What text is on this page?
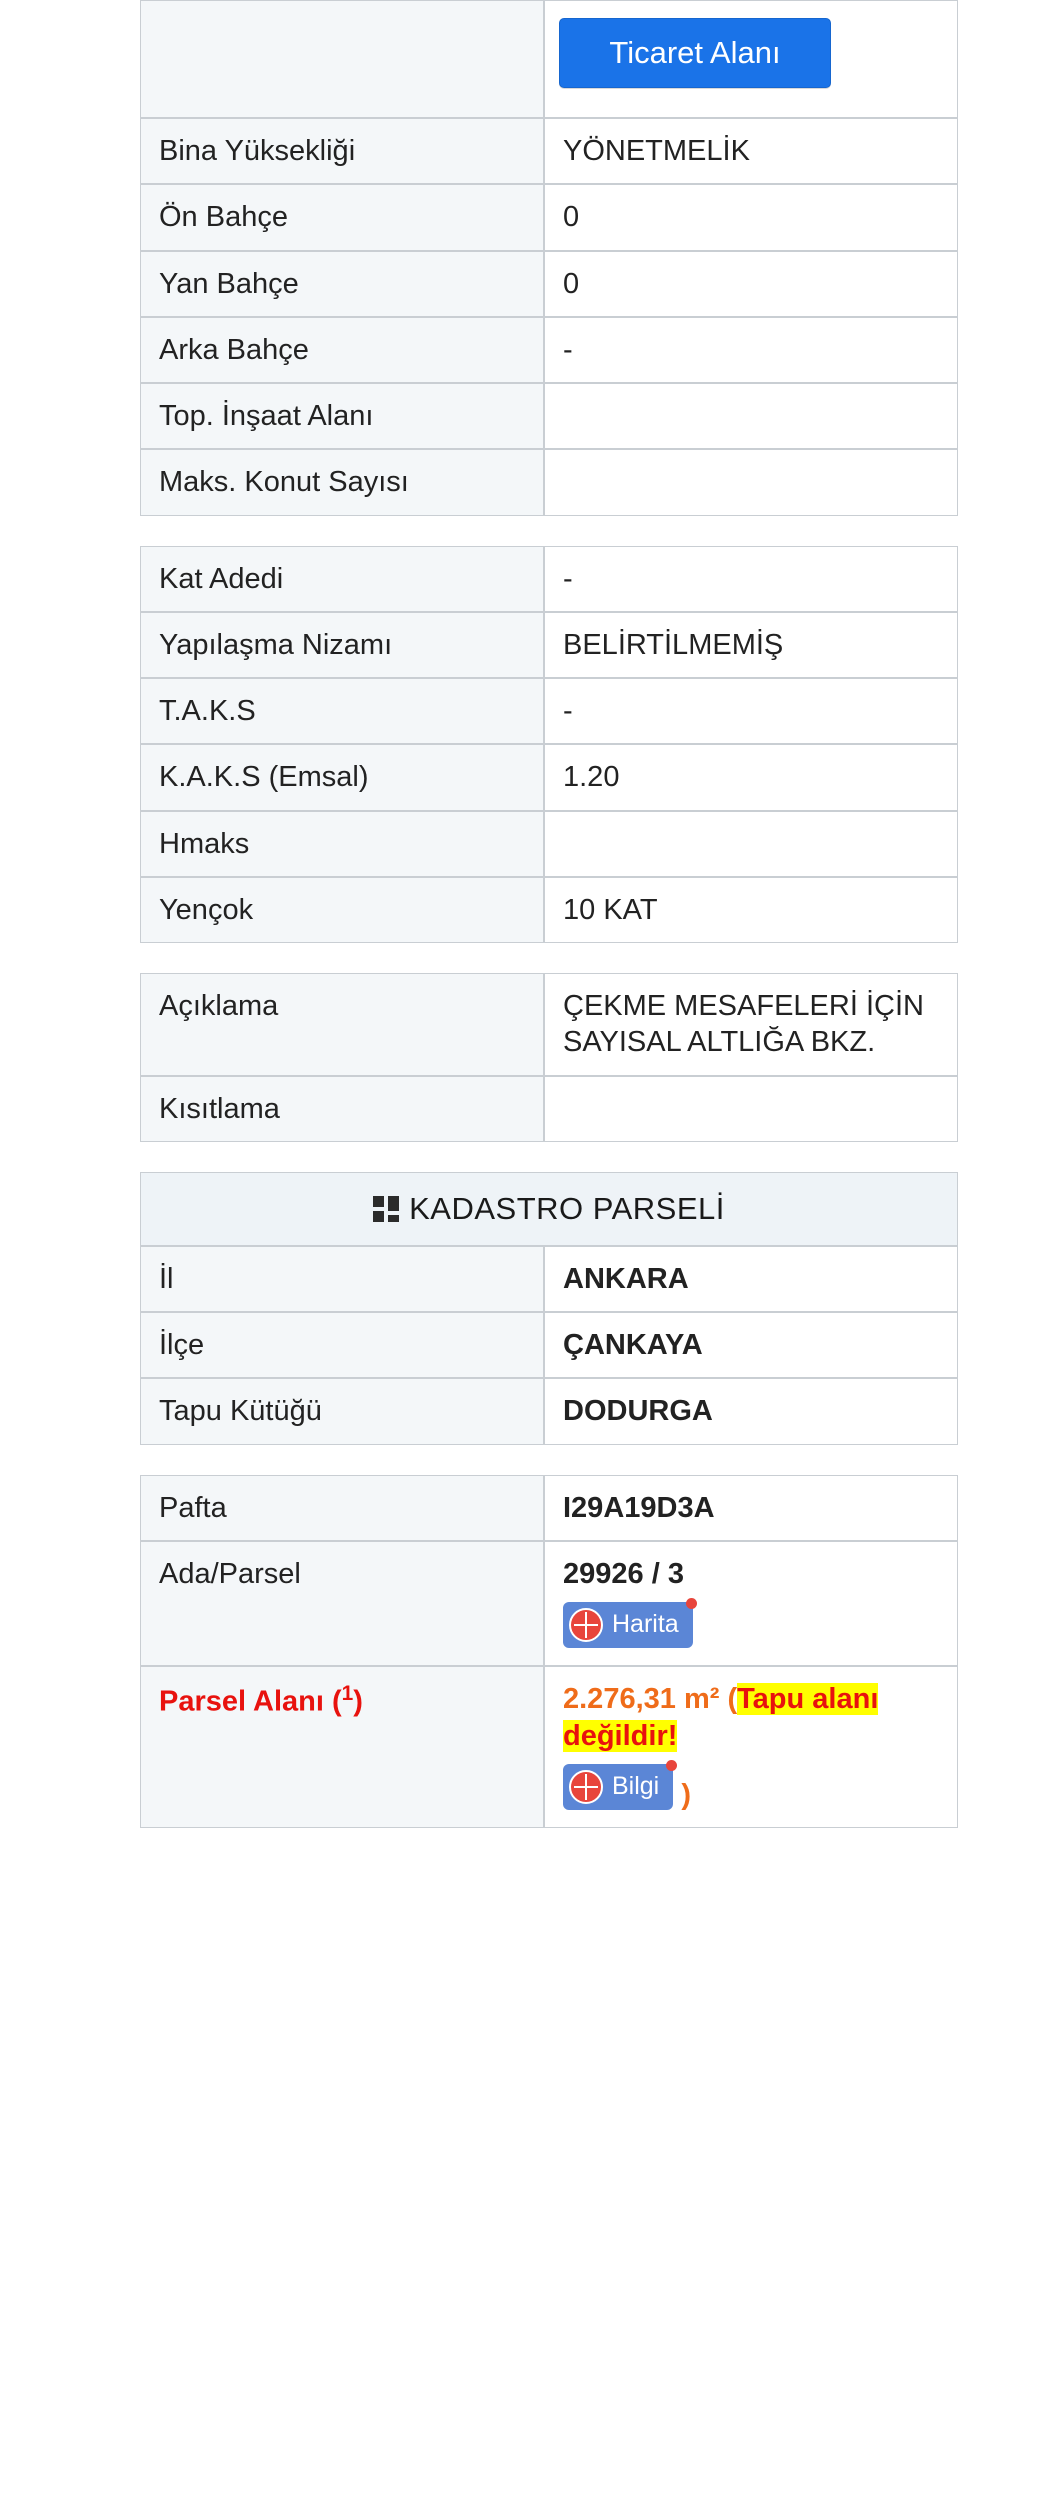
	Ticaret Alanı
Bina Yüksekliği	YÖNETMELİK
Ön Bahçe	0
Yan Bahçe	0
Arka Bahçe	-
Top. İnşaat Alanı	
Maks. Konut Sayısı	
Kat Adedi	-
Yapılaşma Nizamı	BELİRTİLMEMİŞ
T.A.K.S	-
K.A.K.S (Emsal)	1.20
Hmaks	
Yençok	10 KAT
Açıklama	ÇEKME MESAFELERİ İÇİN SAYISAL ALTLIĞA BKZ.
Kısıtlama	
KADASTRO PARSELİ
İl	ANKARA
İlçe	ÇANKAYA
Tapu Kütüğü	DODURGA
Pafta	I29A19D3A
Ada/Parsel	29926 / 3
Harita

Parsel Alanı ($^1$)	2.276,31 m² (Tapu alanı değildir!
Bilgi )
